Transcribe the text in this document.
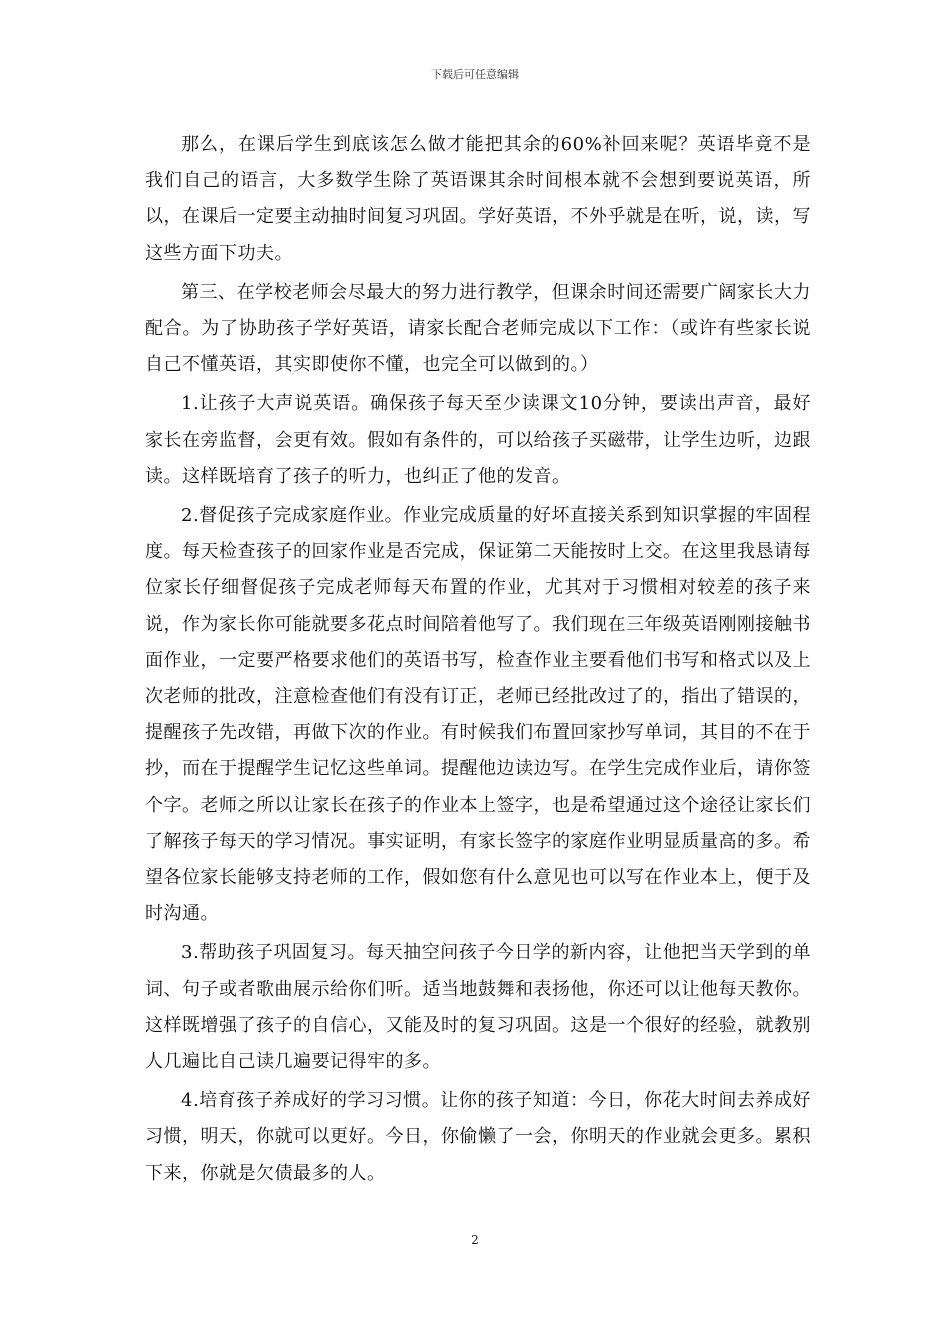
下载后可任意编辑

那么，在课后学生到底该怎么做才能把其余的60%补回来呢？英语毕竟不是我们自己的语言，大多数学生除了英语课其余时间根本就不会想到要说英语，所以，在课后一定要主动抽时间复习巩固。学好英语，不外乎就是在听，说，读，写这些方面下功夫。

第三、在学校老师会尽最大的努力进行教学，但课余时间还需要广阔家长大力配合。为了协助孩子学好英语，请家长配合老师完成以下工作：（或许有些家长说自己不懂英语，其实即使你不懂，也完全可以做到的。）

1.让孩子大声说英语。确保孩子每天至少读课文10分钟，要读出声音，最好家长在旁监督，会更有效。假如有条件的，可以给孩子买磁带，让学生边听，边跟读。这样既培育了孩子的听力，也纠正了他的发音。

2.督促孩子完成家庭作业。作业完成质量的好坏直接关系到知识掌握的牢固程度。每天检查孩子的回家作业是否完成，保证第二天能按时上交。在这里我恳请每位家长仔细督促孩子完成老师每天布置的作业，尤其对于习惯相对较差的孩子来说，作为家长你可能就要多花点时间陪着他写了。我们现在三年级英语刚刚接触书面作业，一定要严格要求他们的英语书写，检查作业主要看他们书写和格式以及上次老师的批改，注意检查他们有没有订正，老师已经批改过了的，指出了错误的，提醒孩子先改错，再做下次的作业。有时候我们布置回家抄写单词，其目的不在于抄，而在于提醒学生记忆这些单词。提醒他边读边写。在学生完成作业后，请你签个字。老师之所以让家长在孩子的作业本上签字，也是希望通过这个途径让家长们了解孩子每天的学习情况。事实证明，有家长签字的家庭作业明显质量高的多。希望各位家长能够支持老师的工作，假如您有什么意见也可以写在作业本上，便于及时沟通。

3.帮助孩子巩固复习。每天抽空问孩子今日学的新内容，让他把当天学到的单词、句子或者歌曲展示给你们听。适当地鼓舞和表扬他，你还可以让他每天教你。这样既增强了孩子的自信心，又能及时的复习巩固。这是一个很好的经验，就教别人几遍比自己读几遍要记得牢的多。

4.培育孩子养成好的学习习惯。让你的孩子知道：今日，你花大时间去养成好习惯，明天，你就可以更好。今日，你偷懒了一会，你明天的作业就会更多。累积下来，你就是欠债最多的人。

2
